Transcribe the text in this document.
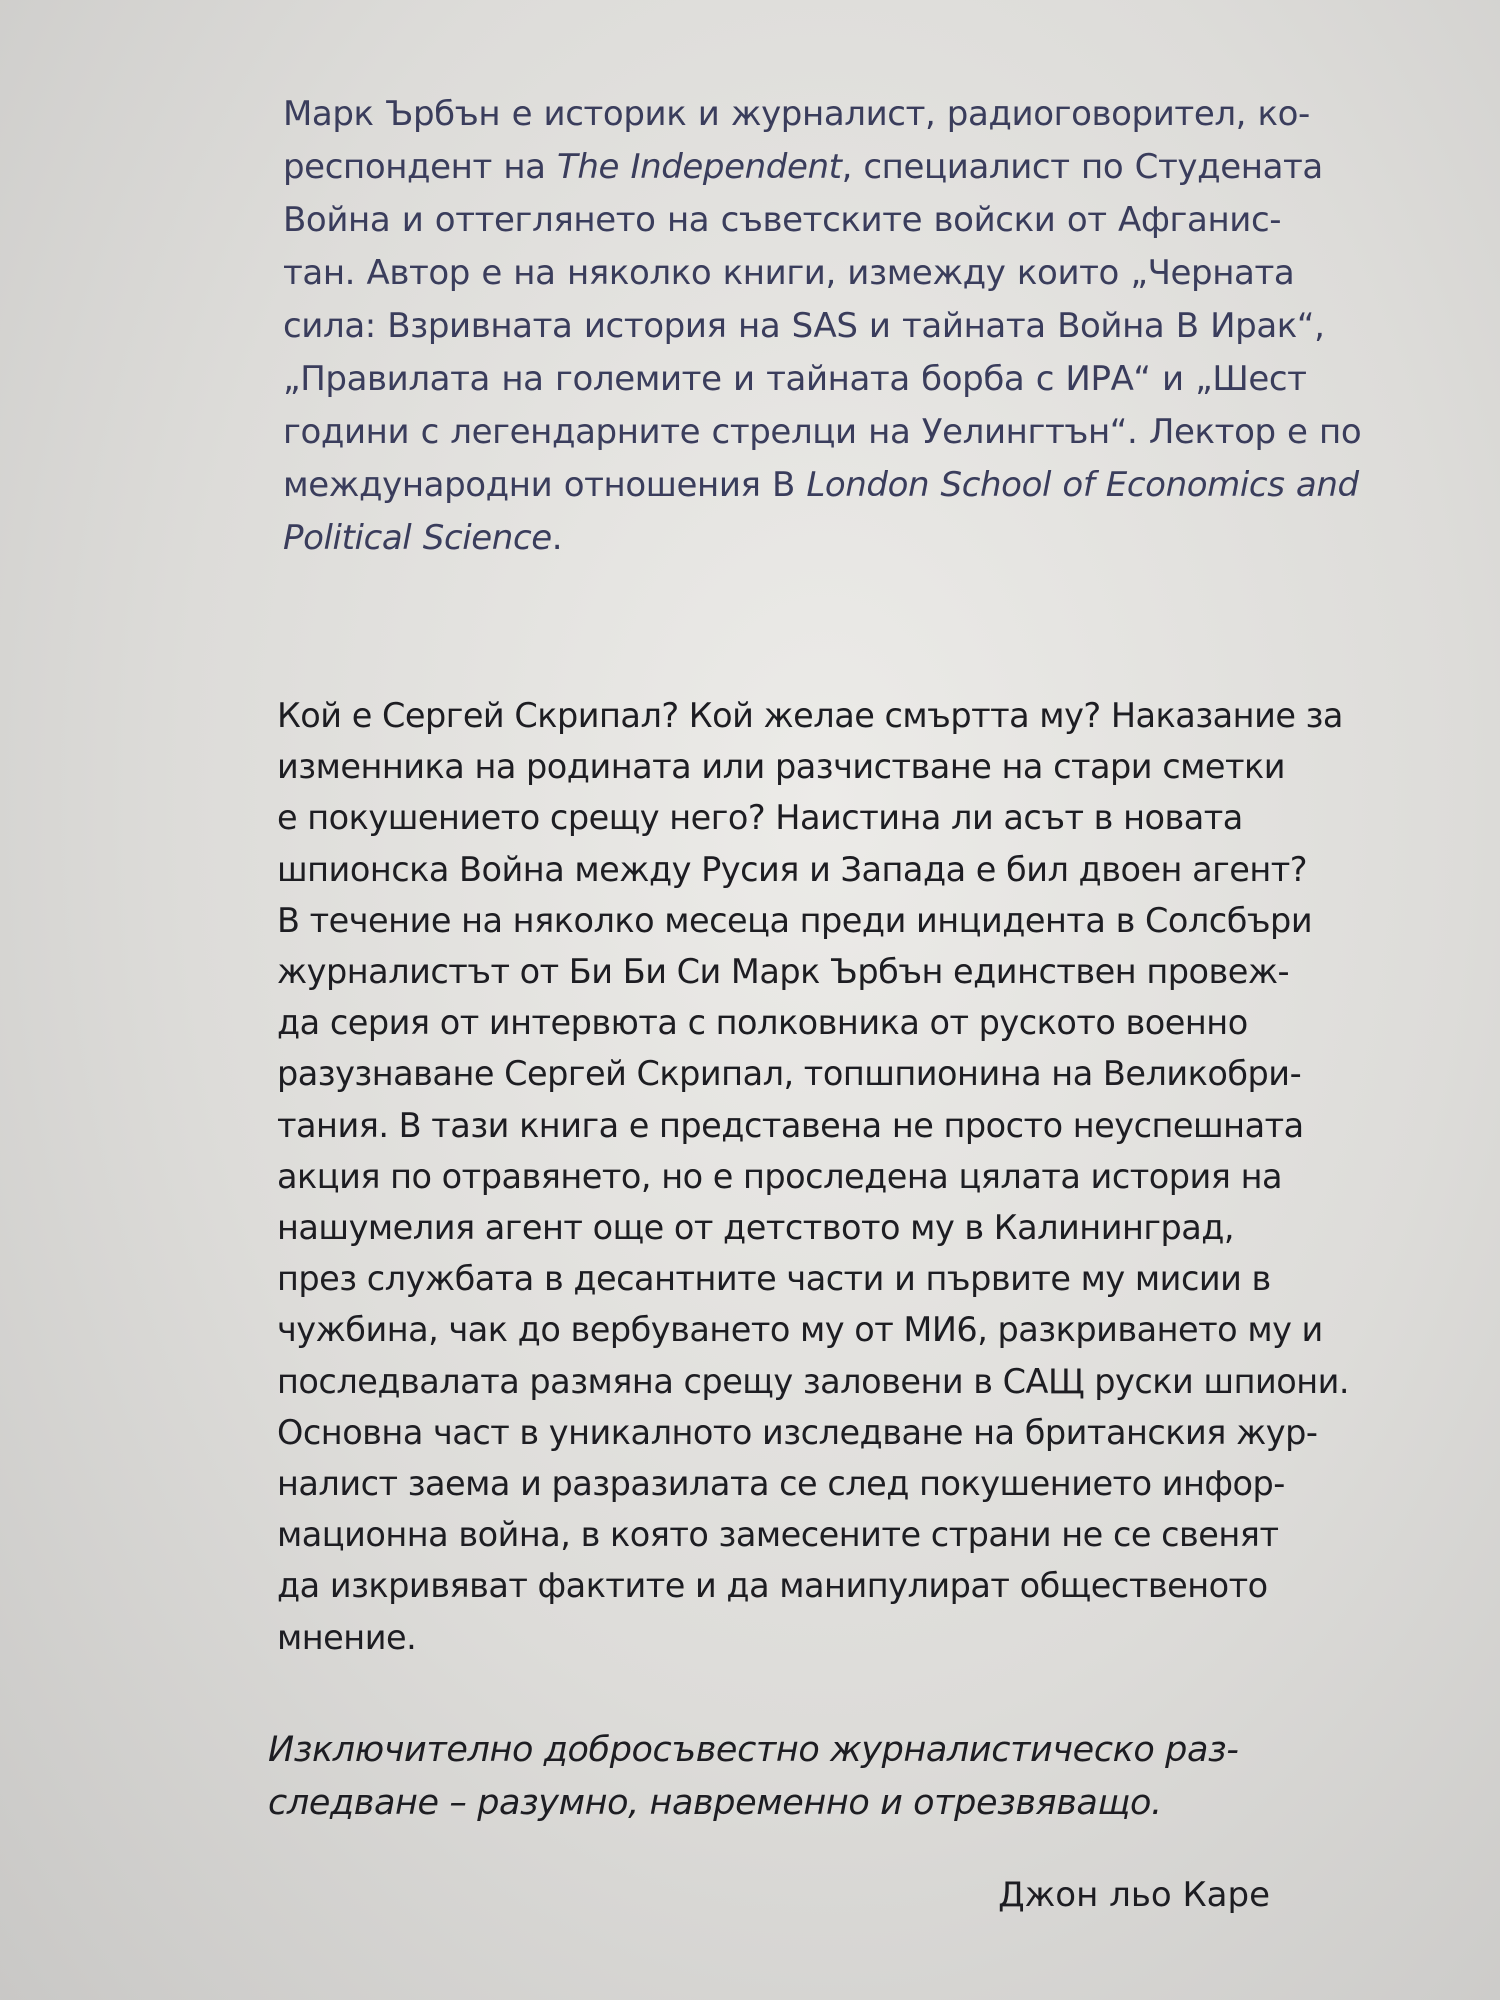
Марк Ърбън е историк и журналист, радиоговорител, ко-
респондент на The Independent, специалист по Студената
Война и оттеглянето на съветските войски от Афганис-
тан. Автор е на няколко книги, измежду които „Черната
сила: Взривната история на SAS и тайната Война В Ирак“,
„Правилата на големите и тайната борба с ИРА“ и „Шест
години с легендарните стрелци на Уелингтън“. Лектор е по
международни отношения В London School of Economics and
Political Science.

Кой е Сергей Скрипал? Кой желае смъртта му? Наказание за
изменника на родината или разчистване на стари сметки
е покушението срещу него? Наистина ли асът в новата
шпионска Война между Русия и Запада е бил двоен агент?
В течение на няколко месеца преди инцидента в Солсбъри
журналистът от Би Би Си Марк Ърбън единствен провеж-
да серия от интервюта с полковника от руското военно
разузнаване Сергей Скрипал, топшпионина на Великобри-
тания. В тази книга е представена не просто неуспешната
акция по отравянето, но е проследена цялата история на
нашумелия агент още от детството му в Калининград,
през службата в десантните части и първите му мисии в
чужбина, чак до вербуването му от МИ6, разкриването му и
последвалата размяна срещу заловени в САЩ руски шпиони.
Основна част в уникалното изследване на британския жур-
налист заема и разразилата се след покушението инфор-
мационна война, в която замесените страни не се свенят
да изкривяват фактите и да манипулират общественото
мнение.

Изключително добросъвестно журналистическо раз-
следване – разумно, навременно и отрезвяващо.

Джон льо Каре
